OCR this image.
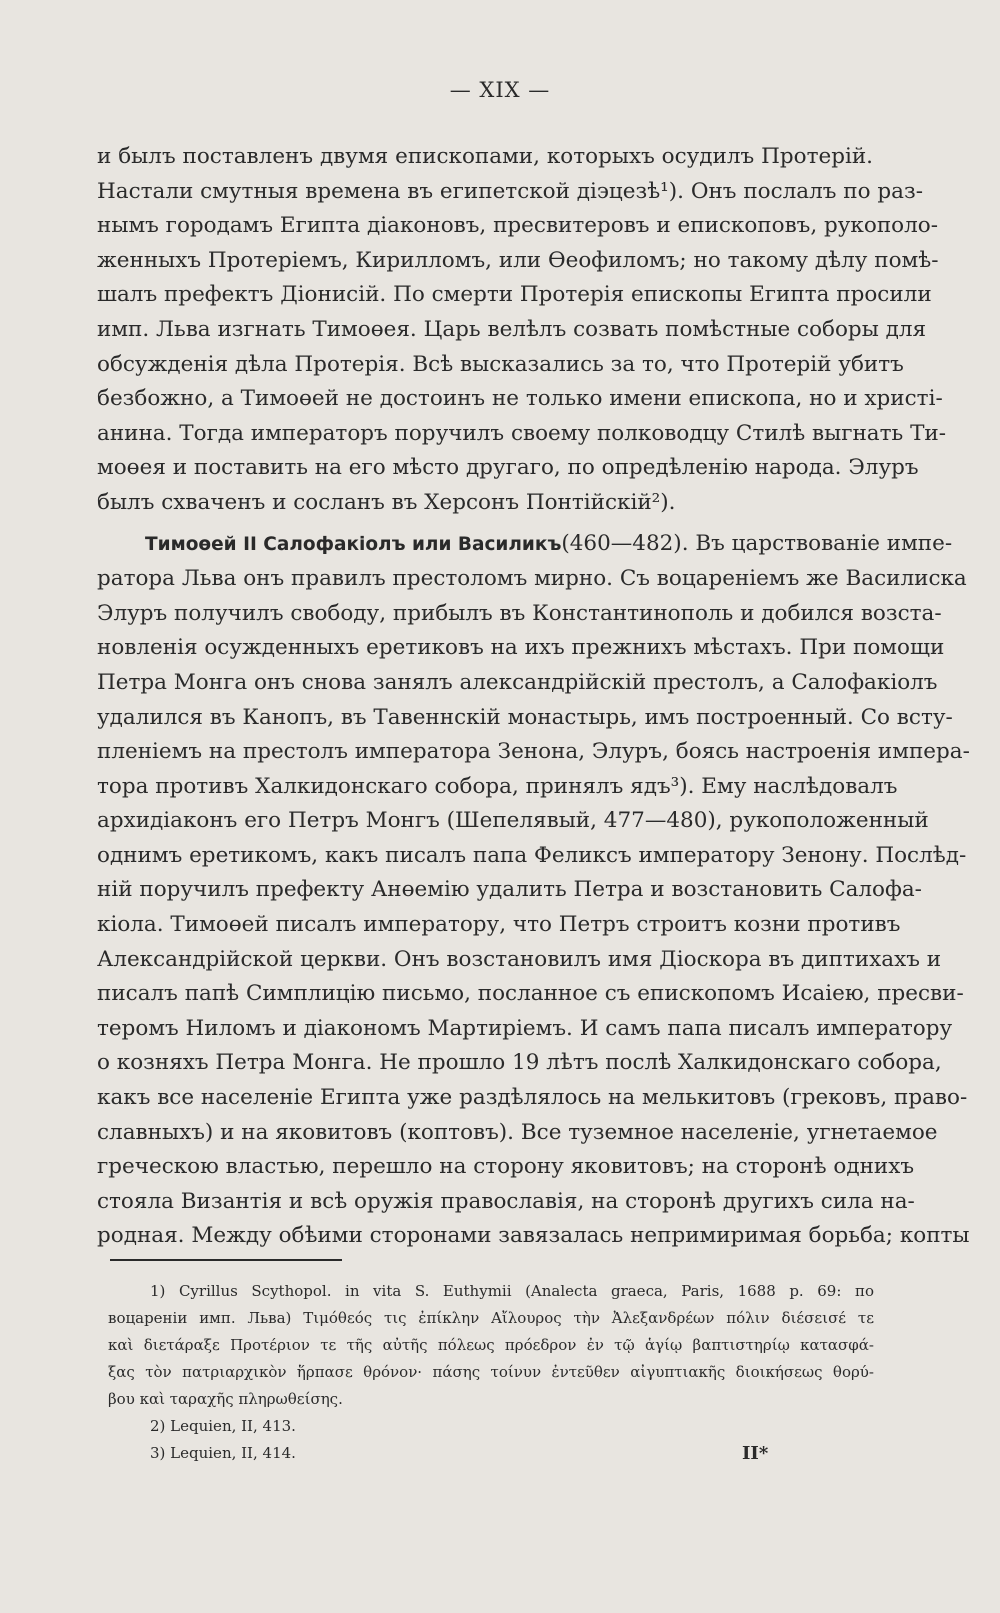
— XIX —
и былъ поставленъ двумя епископами, которыхъ осудилъ Протерій.
Настали смутныя времена въ египетской діэцезѣ¹). Онъ послалъ по раз-
нымъ городамъ Египта діаконовъ, пресвитеровъ и епископовъ, рукополо-
женныхъ Протеріемъ, Кирилломъ, или Өеофиломъ; но такому дѣлу помѣ-
шалъ префектъ Діонисій. По смерти Протерія епископы Египта просили
имп. Льва изгнать Тимоөея. Царь велѣлъ созвать помѣстные соборы для
обсужденія дѣла Протерія. Всѣ высказались за то, что Протерій убитъ
безбожно, а Тимоөей не достоинъ не только имени епископа, но и христі-
анина. Тогда императоръ поручилъ своему полководцу Стилѣ выгнать Ти-
моөея и поставить на его мѣсто другаго, по опредѣленію народа. Элуръ
былъ схваченъ и сосланъ въ Херсонъ Понтійскій²).
Тимоөей II Салофакіолъ или Василикъ(460—482). Въ царствованіе импе-
ратора Льва онъ правилъ престоломъ мирно. Съ воцареніемъ же Василиска
Элуръ получилъ свободу, прибылъ въ Константинополь и добился возста-
новленія осужденныхъ еретиковъ на ихъ прежнихъ мѣстахъ. При помощи
Петра Монга онъ снова занялъ александрійскій престолъ, а Салофакіолъ
удалился въ Канопъ, въ Тавеннскій монастырь, имъ построенный. Со всту-
пленіемъ на престолъ императора Зенона, Элуръ, боясь настроенія импера-
тора противъ Халкидонскаго собора, принялъ ядъ³). Ему наслѣдовалъ
архидіаконъ его Петръ Монгъ (Шепелявый, 477—480), рукоположенный
однимъ еретикомъ, какъ писалъ папа Феликсъ императору Зенону. Послѣд-
ній поручилъ префекту Анөемію удалить Петра и возстановить Салофа-
кіола. Тимоөей писалъ императору, что Петръ строитъ козни противъ
Александрійской церкви. Онъ возстановилъ имя Діоскора въ диптихахъ и
писалъ папѣ Симплицію письмо, посланное съ епископомъ Исаіею, пресви-
теромъ Ниломъ и діакономъ Мартиріемъ. И самъ папа писалъ императору
о козняхъ Петра Монга. Не прошло 19 лѣтъ послѣ Халкидонскаго собора,
какъ все населеніе Египта уже раздѣлялось на мелькитовъ (грековъ, право-
славныхъ) и на яковитовъ (коптовъ). Все туземное населеніе, угнетаемое
греческою властью, перешло на сторону яковитовъ; на сторонѣ однихъ
стояла Византія и всѣ оружія православія, на сторонѣ другихъ сила на-
родная. Между обѣими сторонами завязалась непримиримая борьба; копты
1) Cyrillus Scythopol. in vita S. Euthymii (Analecta graeca, Paris, 1688 p. 69: по
воцареніи имп. Льва) Τιμόθεός τις ἐπίκλην Αἴλουρος τὴν Ἀλεξανδρέων πόλιν διέσεισέ τε
καὶ διετάραξε Προτέριον τε τῆς αὐτῆς πόλεως πρόεδρον ἐν τῷ ἁγίῳ βαπτιστηρίῳ κατασφά-
ξας τὸν πατριαρχικὸν ἥρπασε θρόνον· πάσης τοίνυν ἐντεῦθεν αἰγυπτιακῆς διοικήσεως θορύ-
βου καὶ ταραχῆς πληρωθείσης.
2) Lequien, II, 413.
3) Lequien, II, 414.	II*
